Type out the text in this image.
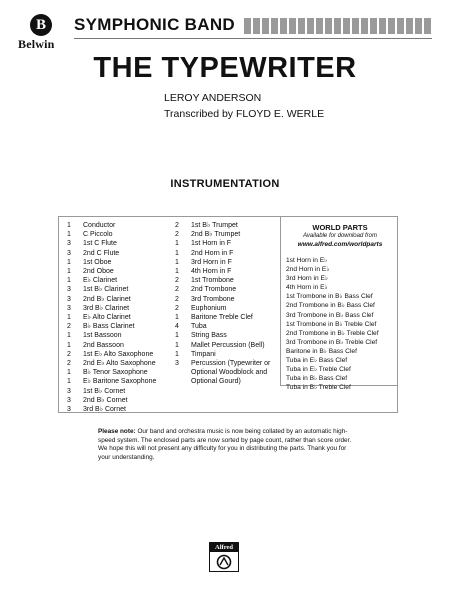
B
Belwin
SYMPHONIC BAND
THE TYPEWRITER
LEROY ANDERSON
Transcribed by FLOYD E. WERLE
INSTRUMENTATION
1	Conductor
1	C Piccolo
3	1st C Flute
3	2nd C Flute
1	1st Oboe
1	2nd Oboe
1	E♭ Clarinet
3	1st B♭ Clarinet
3	2nd B♭ Clarinet
3	3rd B♭ Clarinet
1	E♭ Alto Clarinet
2	B♭ Bass Clarinet
1	1st Bassoon
1	2nd Bassoon
2	1st E♭ Alto Saxophone
2	2nd E♭ Alto Saxophone
1	B♭ Tenor Saxophone
1	E♭ Baritone Saxophone
3	1st B♭ Cornet
3	2nd B♭ Cornet
3	3rd B♭ Cornet
2	1st B♭ Trumpet
2	2nd B♭ Trumpet
1	1st Horn in F
1	2nd Horn in F
1	3rd Horn in F
1	4th Horn in F
2	1st Trombone
2	2nd Trombone
2	3rd Trombone
2	Euphonium
1	Baritone Treble Clef
4	Tuba
1	String Bass
1	Mallet Percussion (Bell)
1	Timpani
3	Percussion (Typewriter or Optional Woodblock and Optional Gourd)
WORLD PARTS
Available for download from
www.alfred.com/worldparts
1st Horn in E♭
2nd Horn in E♭
3rd Horn in E♭
4th Horn in E♭
1st Trombone in B♭ Bass Clef
2nd Trombone in B♭ Bass Clef
3rd Trombone in B♭ Bass Clef
1st Trombone in B♭ Treble Clef
2nd Trombone in B♭ Treble Clef
3rd Trombone in B♭ Treble Clef
Baritone in B♭ Bass Clef
Tuba in E♭ Bass Clef
Tuba in E♭ Treble Clef
Tuba in B♭ Bass Clef
Tuba in B♭ Treble Clef
Please note: Our band and orchestra music is now being collated by an automatic high-speed system. The enclosed parts are now sorted by page count, rather than score order. We hope this will not present any difficulty for you in distributing the parts. Thank you for your understanding.
Alfred
